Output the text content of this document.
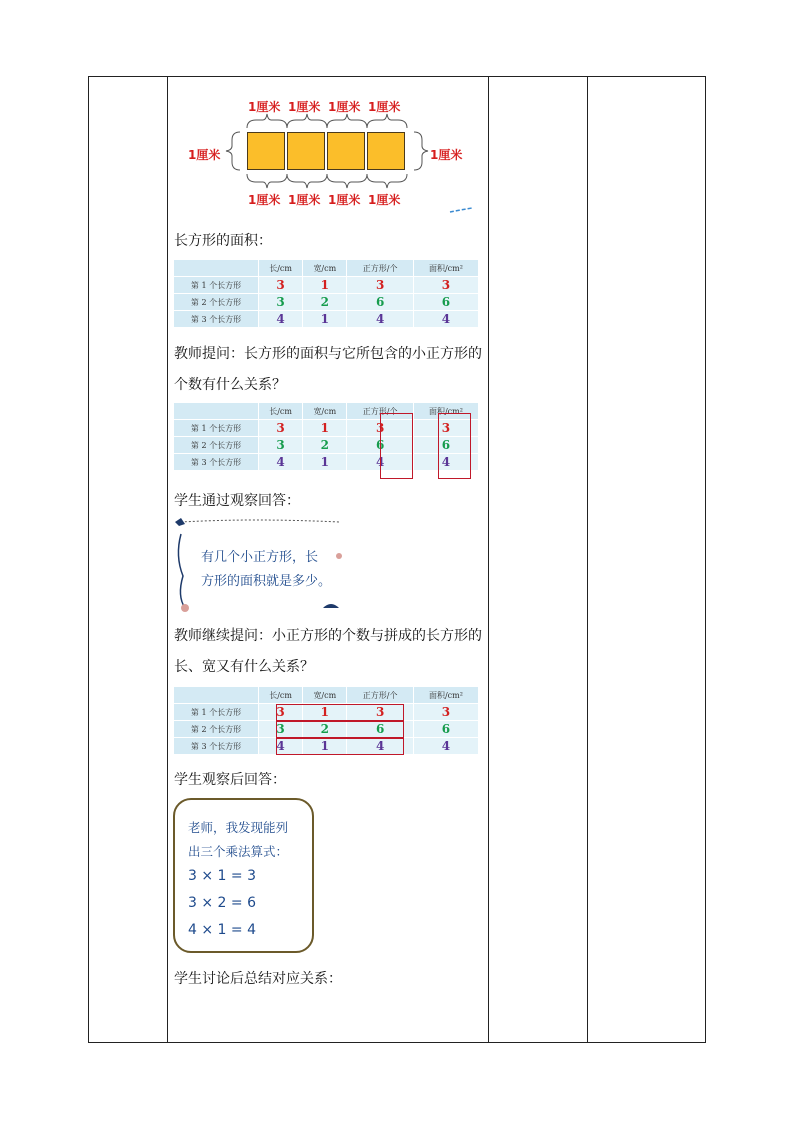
1厘米 1厘米 1厘米 1厘米
1厘米	1厘米
1厘米 1厘米 1厘米 1厘米
长方形的面积：
	长/cm	宽/cm	正方形/个	面积/cm²
第 1 个长方形	3	1	3	3
第 2 个长方形	3	2	6	6
第 3 个长方形	4	1	4	4
教师提问：长方形的面积与它所包含的小正方形的
个数有什么关系？
	长/cm	宽/cm	正方形/个	面积/cm²
第 1 个长方形	3	1	3	3
第 2 个长方形	3	2	6	6
第 3 个长方形	4	1	4	4
学生通过观察回答：
有几个小正方形，长
方形的面积就是多少。
教师继续提问：小正方形的个数与拼成的长方形的
长、宽又有什么关系？
	长/cm	宽/cm	正方形/个	面积/cm²
第 1 个长方形	3	1	3	3
第 2 个长方形	3	2	6	6
第 3 个长方形	4	1	4	4
学生观察后回答：
老师，我发现能列
出三个乘法算式：
3 × 1 = 3
3 × 2 = 6
4 × 1 = 4
学生讨论后总结对应关系：
